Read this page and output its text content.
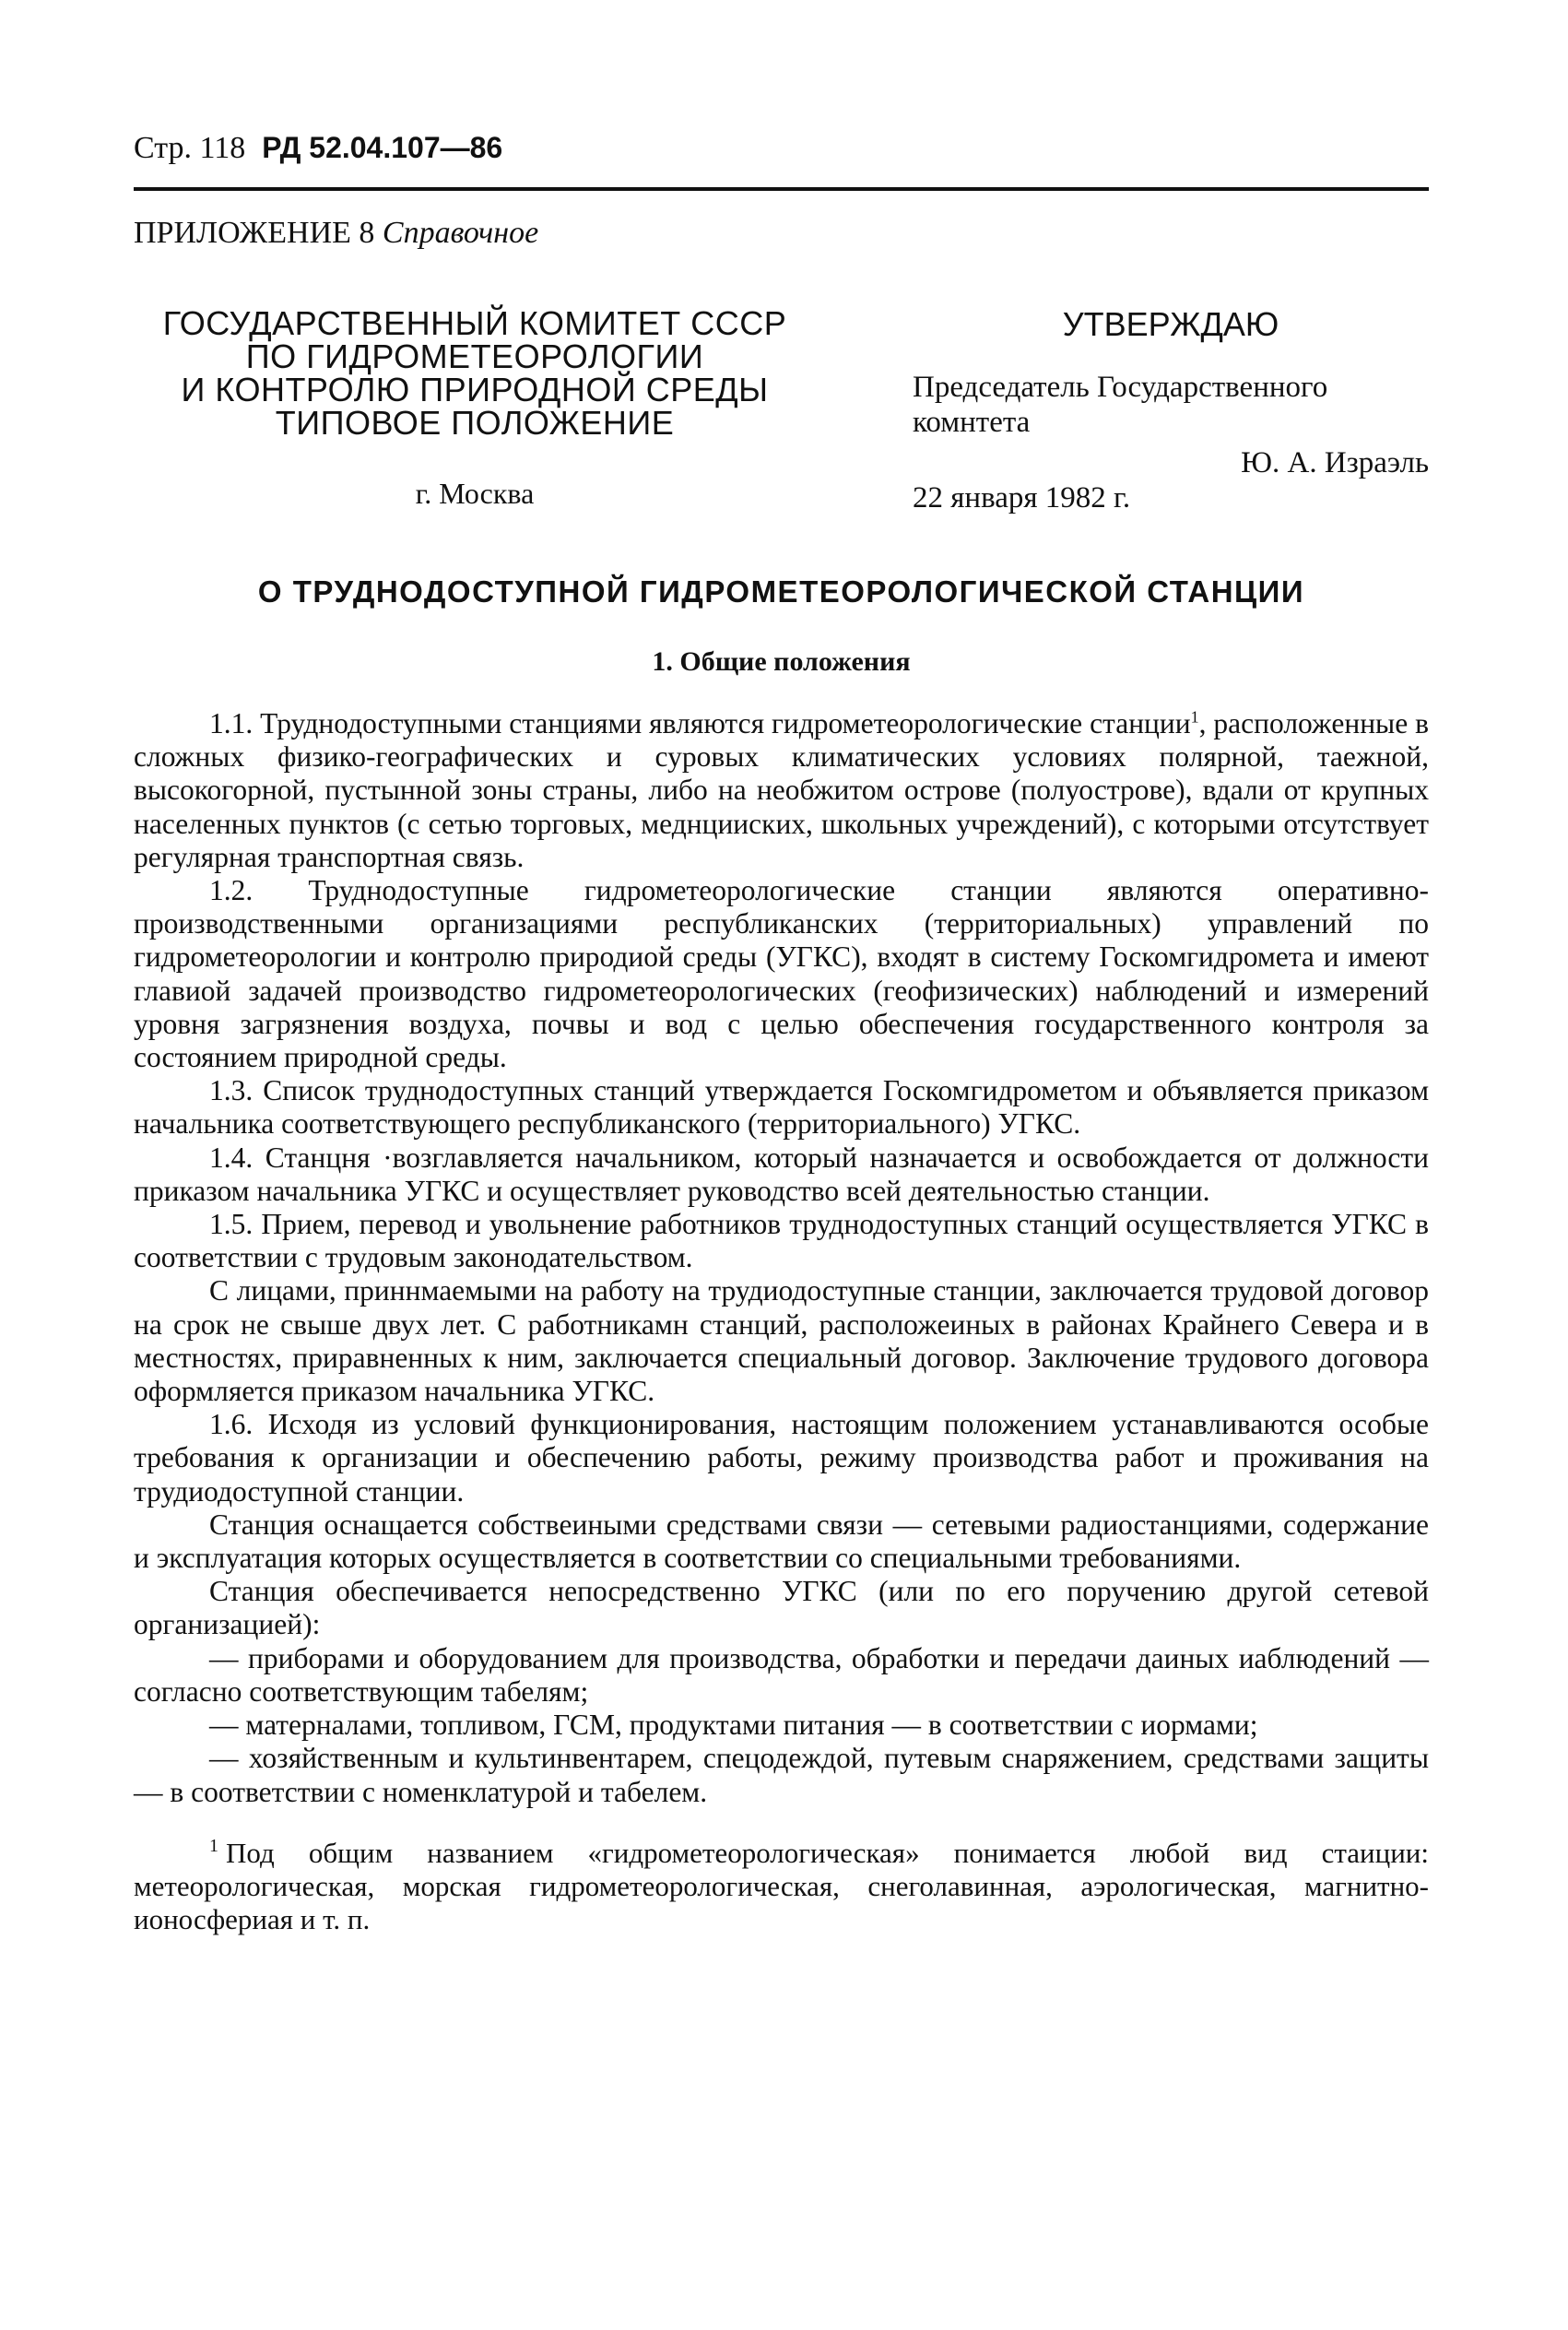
Стр. 118 РД 52.04.107—86
ПРИЛОЖЕНИЕ 8 Справочное
ГОСУДАРСТВЕННЫЙ КОМИТЕТ СССР
ПО ГИДРОМЕТЕОРОЛОГИИ
И КОНТРОЛЮ ПРИРОДНОЙ СРЕДЫ
ТИПОВОЕ ПОЛОЖЕНИЕ
г. Москва
УТВЕРЖДАЮ
Председатель Государственного
комнтета
Ю. А. Израэль
22 января 1982 г.
О ТРУДНОДОСТУПНОЙ ГИДРОМЕТЕОРОЛОГИЧЕСКОЙ СТАНЦИИ
1. Общие положения

1.1. Труднодоступными станциями являются гидрометеорологические станции$^1$, расположенные в сложных физико-географических и суровых климатических условиях полярной, таежной, высокогорной, пустынной зоны страны, либо на необжитом острове (полуострове), вдали от крупных населенных пунктов (с сетью торговых, меднцииских, школьных учреждений), с которыми отсутствует регулярная транспортная связь.

1.2. Труднодоступные гидрометеорологические станции являются оперативно-производственными организациями республиканских (территориальных) управлений по гидрометеорологии и контролю природиой среды (УГКС), входят в систему Госкомгидромета и имеют главиой задачей производство гидрометеорологических (геофизических) наблюдений и измерений уровня загрязнения воздуха, почвы и вод с целью обеспечения государственного контроля за состоянием природной среды.

1.3. Список труднодоступных станций утверждается Госкомгидрометом и объявляется приказом начальника соответствующего республиканского (территориального) УГКС.

1.4. Станцня ·возглавляется начальником, который назначается и освобождается от должности приказом начальника УГКС и осуществляет руководство всей деятельностью станции.

1.5. Прием, перевод и увольнение работников труднодоступных станций осуществляется УГКС в соответствии с трудовым законодательством.

С лицами, приннмаемыми на работу на трудиодоступные станции, заключается трудовой договор на срок не свыше двух лет. С работникамн станций, расположеиных в районах Крайнего Севера и в местностях, приравненных к ним, заключается специальный договор. Заключение трудового договора оформляется приказом начальника УГКС.

1.6. Исходя из условий функционирования, настоящим положением устанавливаются особые требования к организации и обеспечению работы, режиму производства работ и проживания на трудиодоступной станции.

Станция оснащается собствеиными средствами связи — сетевыми радиостанциями, содержание и эксплуатация которых осуществляется в соответствии со специальными требованиями.

Станция обеспечивается непосредственно УГКС (или по его поручению другой сетевой организацией):

— приборами и оборудованием для производства, обработки и передачи даиных иаблюдений — согласно соответствующим табелям;

— матерналами, топливом, ГСМ, продуктами питания — в соответствии с иормами;

— хозяйственным и культинвентарем, спецодеждой, путевым снаряжением, средствами защиты — в соответствии с номенклатурой и табелем.

$^1$ Под общим названием «гидрометеорологическая» понимается любой вид стаиции: метеорологическая, морская гидрометеорологическая, снеголавинная, аэрологическая, магнитно-ионосфериая и т. п.
